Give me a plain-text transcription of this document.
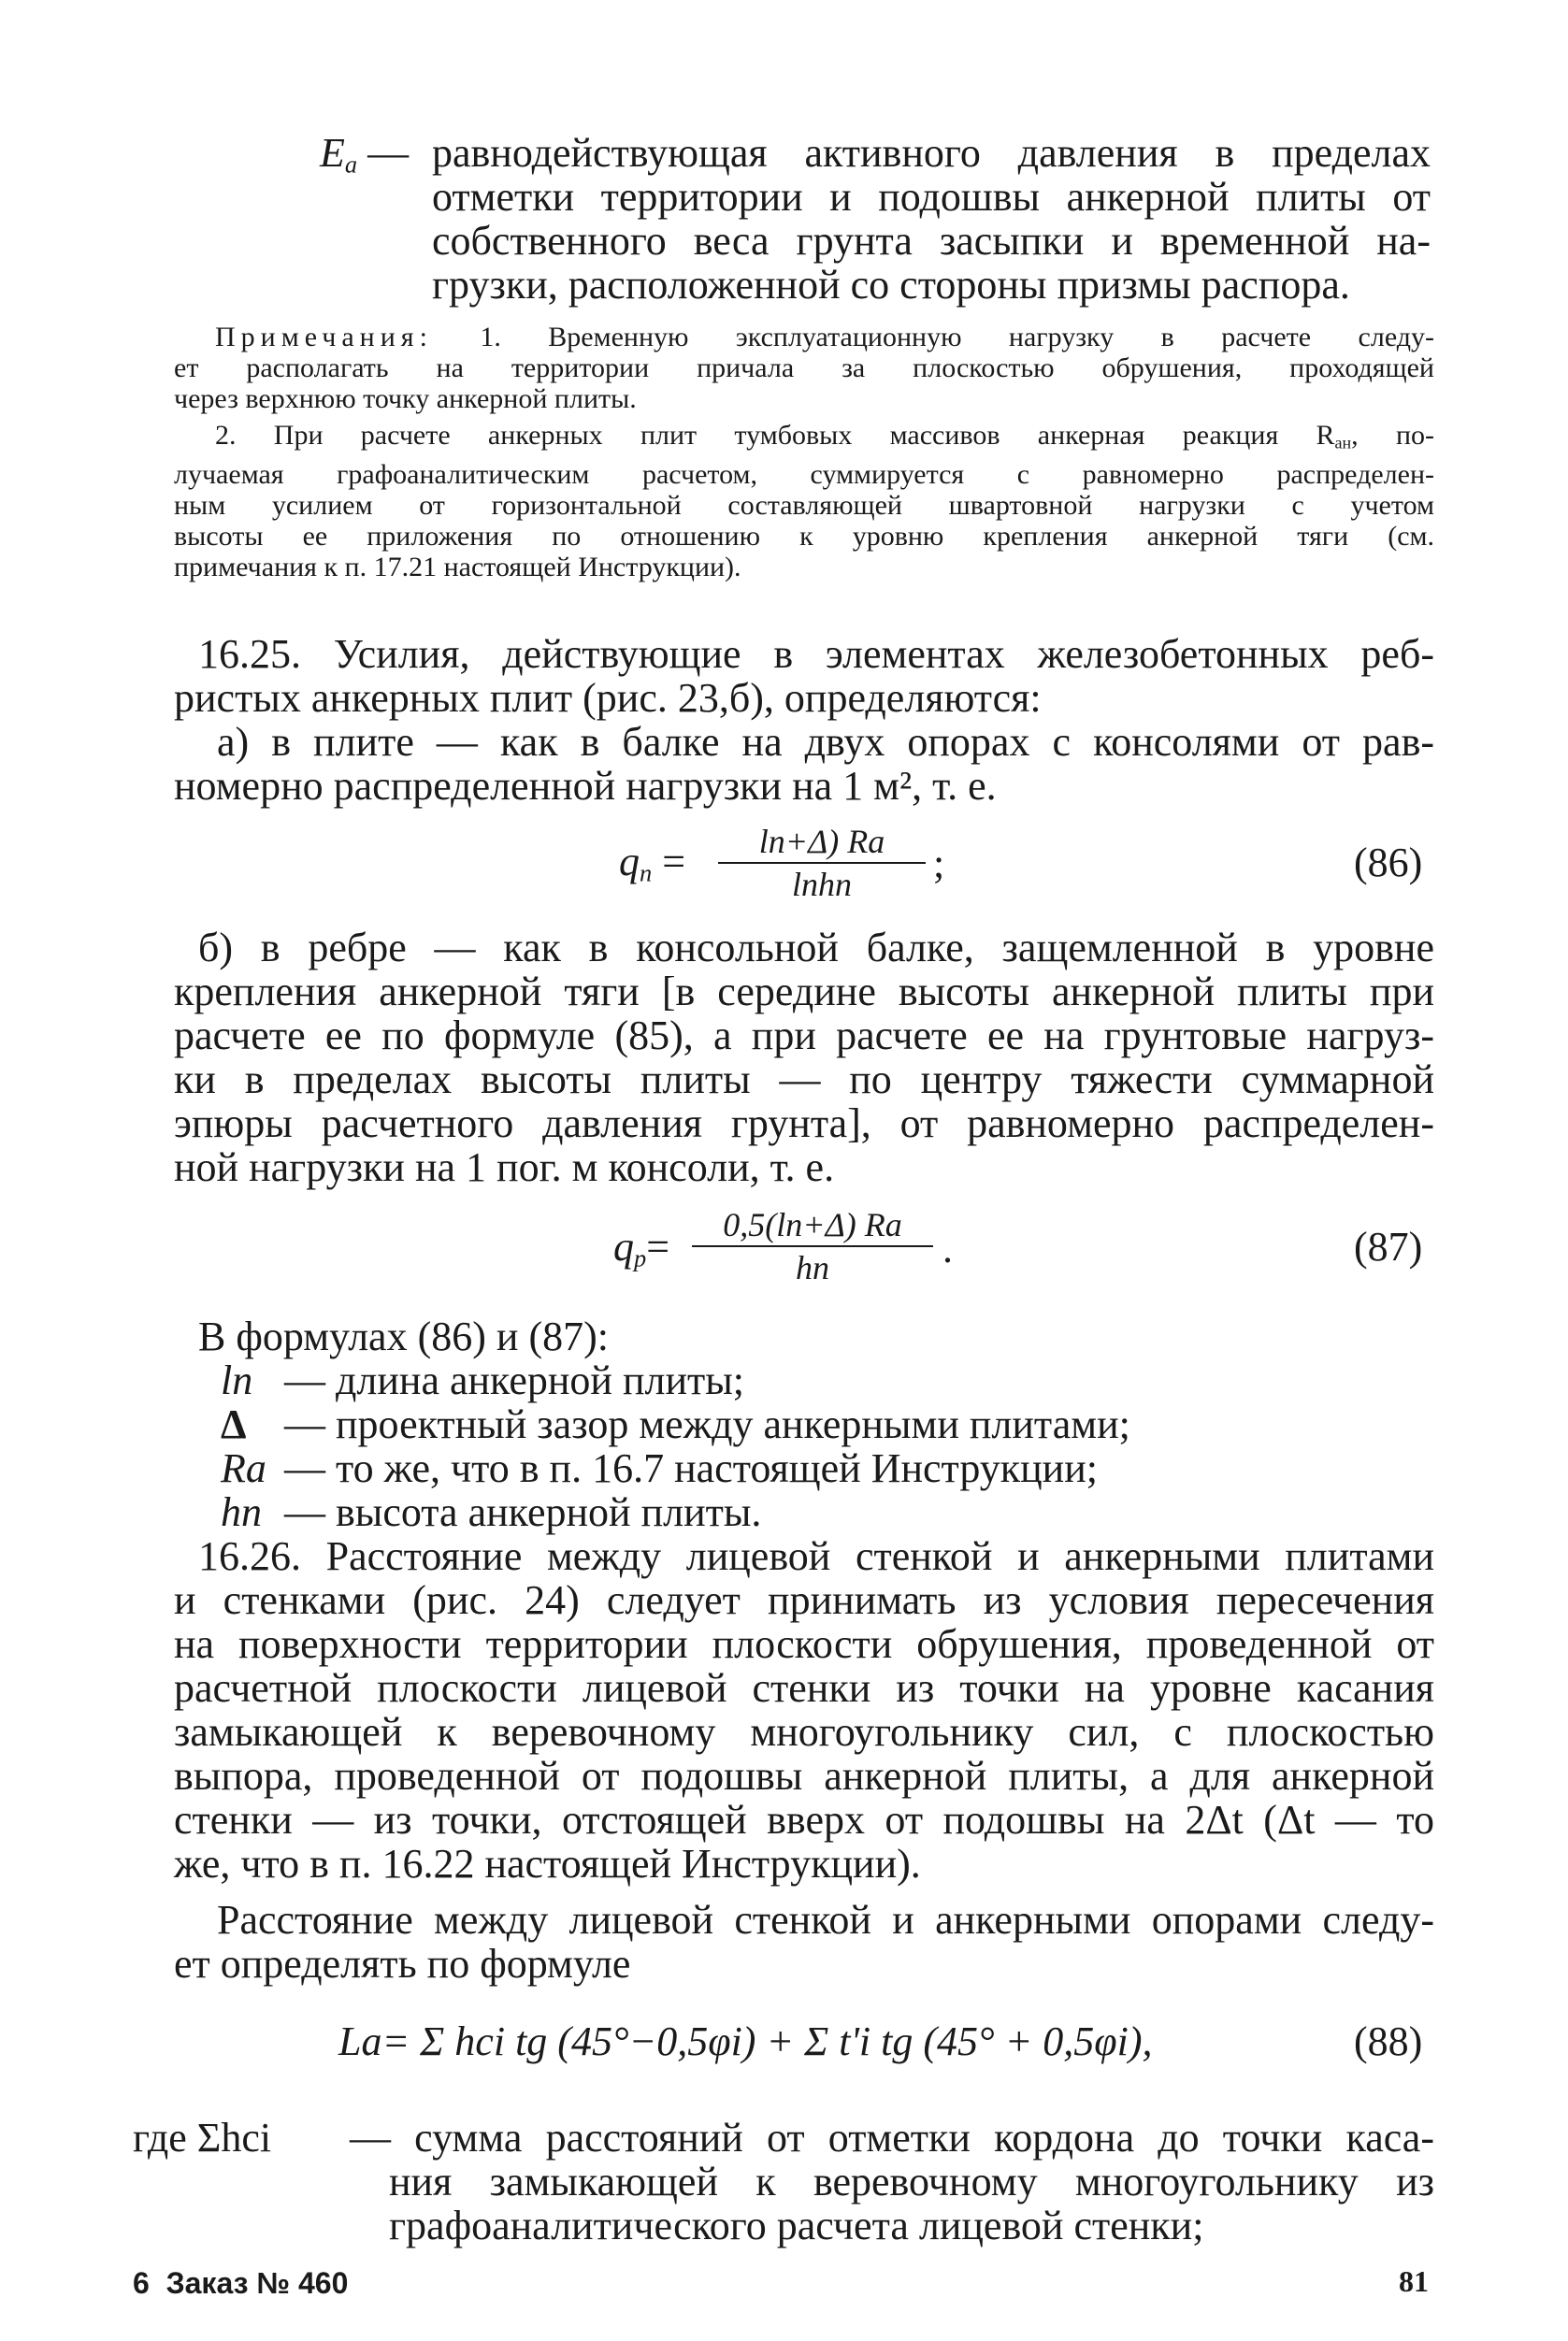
$E_а$ — равнодействующая активного давления в пределах
отметки территории и подошвы анкерной плиты от
собственного веса грунта засыпки и временной на-
грузки, расположенной со стороны призмы распора.
Примечания: 1. Временную эксплуатационную нагрузку в расчете следу-
ет располагать на территории причала за плоскостью обрушения, проходящей
через верхнюю точку анкерной плиты.
2. При расчете анкерных плит тумбовых массивов анкерная реакция $R_{ан}$, по-
лучаемая графоаналитическим расчетом, суммируется с равномерно распределен-
ным усилием от горизонтальной составляющей швартовной нагрузки с учетом
высоты ее приложения по отношению к уровню крепления анкерной тяги (см.
примечания к п. 17.21 настоящей Инструкции).
16.25. Усилия, действующие в элементах железобетонных реб-
ристых анкерных плит (рис. 23,б), определяются:
а) в плите — как в балке на двух опорах с консолями от рав-
номерно распределенной нагрузки на 1 м², т. е.
$q_п$ =	lп+Δ) Rа
lпhп	;	(86)
б) в ребре — как в консольной балке, защемленной в уровне
крепления анкерной тяги [в середине высоты анкерной плиты при
расчете ее по формуле (85), а при расчете ее на грунтовые нагруз-
ки в пределах высоты плиты — по центру тяжести суммарной
эпюры расчетного давления грунта], от равномерно распределен-
ной нагрузки на 1 пог. м консоли, т. е.
$q_p=$	0,5(lп+Δ) Rа
hп	.	(87)
В формулах (86) и (87):
lп — длина анкерной плиты;
Δ — проектный зазор между анкерными плитами;
Rа — то же, что в п. 16.7 настоящей Инструкции;
hп — высота анкерной плиты.
16.26. Расстояние между лицевой стенкой и анкерными плитами
и стенками (рис. 24) следует принимать из условия пересечения
на поверхности территории плоскости обрушения, проведенной от
расчетной плоскости лицевой стенки из точки на уровне касания
замыкающей к веревочному многоугольнику сил, с плоскостью
выпора, проведенной от подошвы анкерной плиты, а для анкерной
стенки — из точки, отстоящей вверх от подошвы на 2Δt (Δt — то
же, что в п. 16.22 настоящей Инструкции).
Расстояние между лицевой стенкой и анкерными опорами следу-
ет определять по формуле
Lа= Σ hci tg (45°−0,5φi) + Σ t'i tg (45° + 0,5φi),	(88)
где Σhci — сумма расстояний от отметки кордона до точки каса-
ния замыкающей к веревочному многоугольнику из
графоаналитического расчета лицевой стенки;
6  Заказ № 460	81
